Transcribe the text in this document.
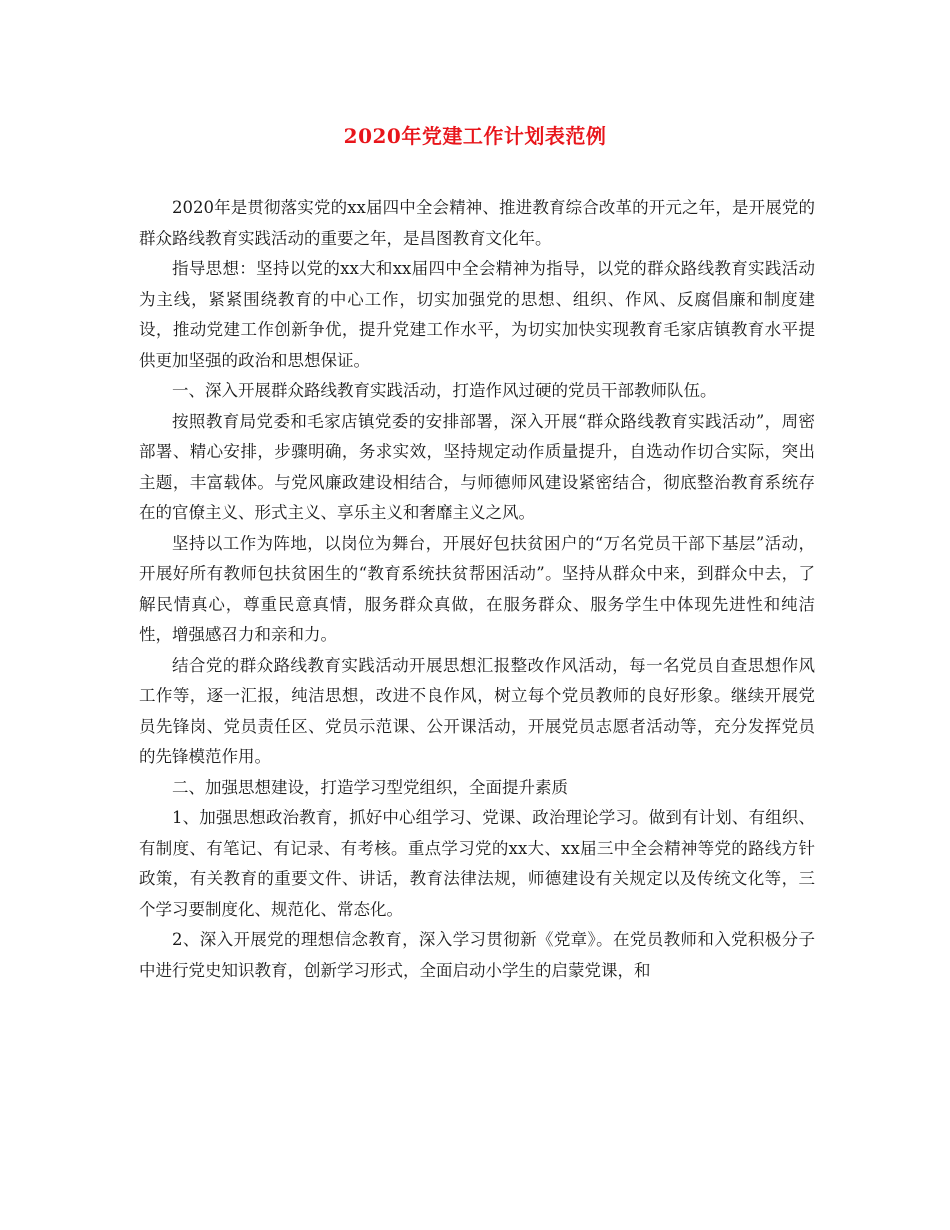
2020年党建工作计划表范例

2020年是贯彻落实党的xx届四中全会精神、推进教育综合改革的开元之年，是开展党的群众路线教育实践活动的重要之年，是昌图教育文化年。

指导思想：坚持以党的xx大和xx届四中全会精神为指导，以党的群众路线教育实践活动为主线，紧紧围绕教育的中心工作，切实加强党的思想、组织、作风、反腐倡廉和制度建设，推动党建工作创新争优，提升党建工作水平，为切实加快实现教育毛家店镇教育水平提供更加坚强的政治和思想保证。

一、深入开展群众路线教育实践活动，打造作风过硬的党员干部教师队伍。

按照教育局党委和毛家店镇党委的安排部署，深入开展“群众路线教育实践活动”，周密部署、精心安排，步骤明确，务求实效，坚持规定动作质量提升，自选动作切合实际，突出主题，丰富载体。与党风廉政建设相结合，与师德师风建设紧密结合，彻底整治教育系统存在的官僚主义、形式主义、享乐主义和奢靡主义之风。

坚持以工作为阵地，以岗位为舞台，开展好包扶贫困户的“万名党员干部下基层”活动，开展好所有教师包扶贫困生的“教育系统扶贫帮困活动”。坚持从群众中来，到群众中去，了解民情真心，尊重民意真情，服务群众真做，在服务群众、服务学生中体现先进性和纯洁性，增强感召力和亲和力。

结合党的群众路线教育实践活动开展思想汇报整改作风活动，每一名党员自查思想作风工作等，逐一汇报，纯洁思想，改进不良作风，树立每个党员教师的良好形象。继续开展党员先锋岗、党员责任区、党员示范课、公开课活动，开展党员志愿者活动等，充分发挥党员的先锋模范作用。

二、加强思想建设，打造学习型党组织，全面提升素质

1、加强思想政治教育，抓好中心组学习、党课、政治理论学习。做到有计划、有组织、有制度、有笔记、有记录、有考核。重点学习党的xx大、xx届三中全会精神等党的路线方针政策，有关教育的重要文件、讲话，教育法律法规，师德建设有关规定以及传统文化等，三个学习要制度化、规范化、常态化。

2、深入开展党的理想信念教育，深入学习贯彻新《党章》。在党员教师和入党积极分子中进行党史知识教育，创新学习形式，全面启动小学生的启蒙党课，和
